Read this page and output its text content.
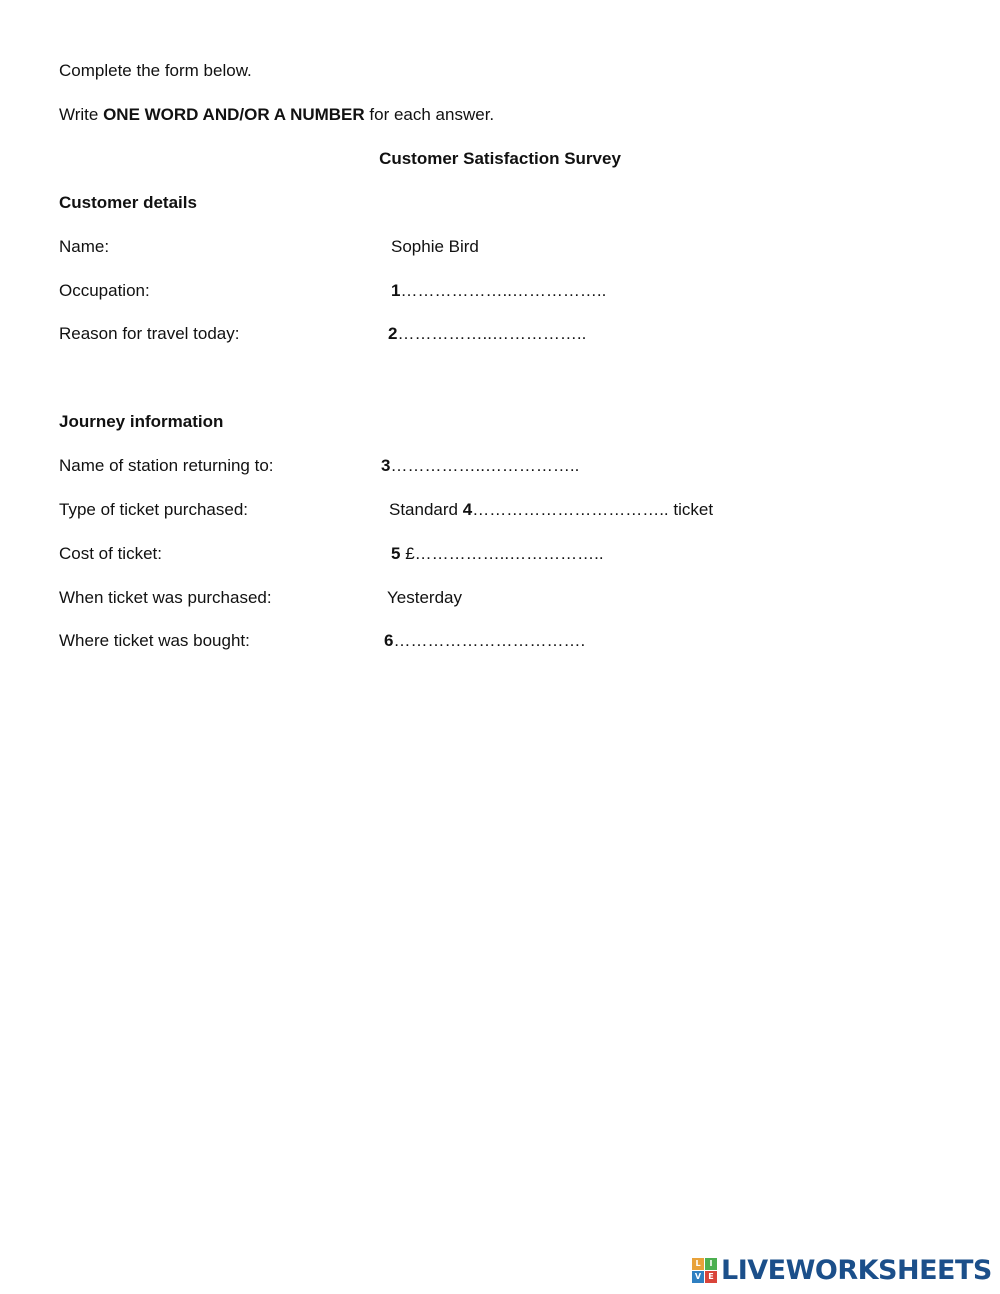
Complete the form below.
Write ONE WORD AND/OR A NUMBER for each answer.
Customer Satisfaction Survey
Customer details
Name:	Sophie Bird
Occupation:	1………………..……………..
Reason for travel today:	2……………..……………..
Journey information
Name of station returning to:	3……………..……………..
Type of ticket purchased:	Standard 4…………………………….. ticket
Cost of ticket:	5 £……………..……………..
When ticket was purchased:	Yesterday
Where ticket was bought:	6…………………………….
L	I
V E LIVEWORKSHEETS
